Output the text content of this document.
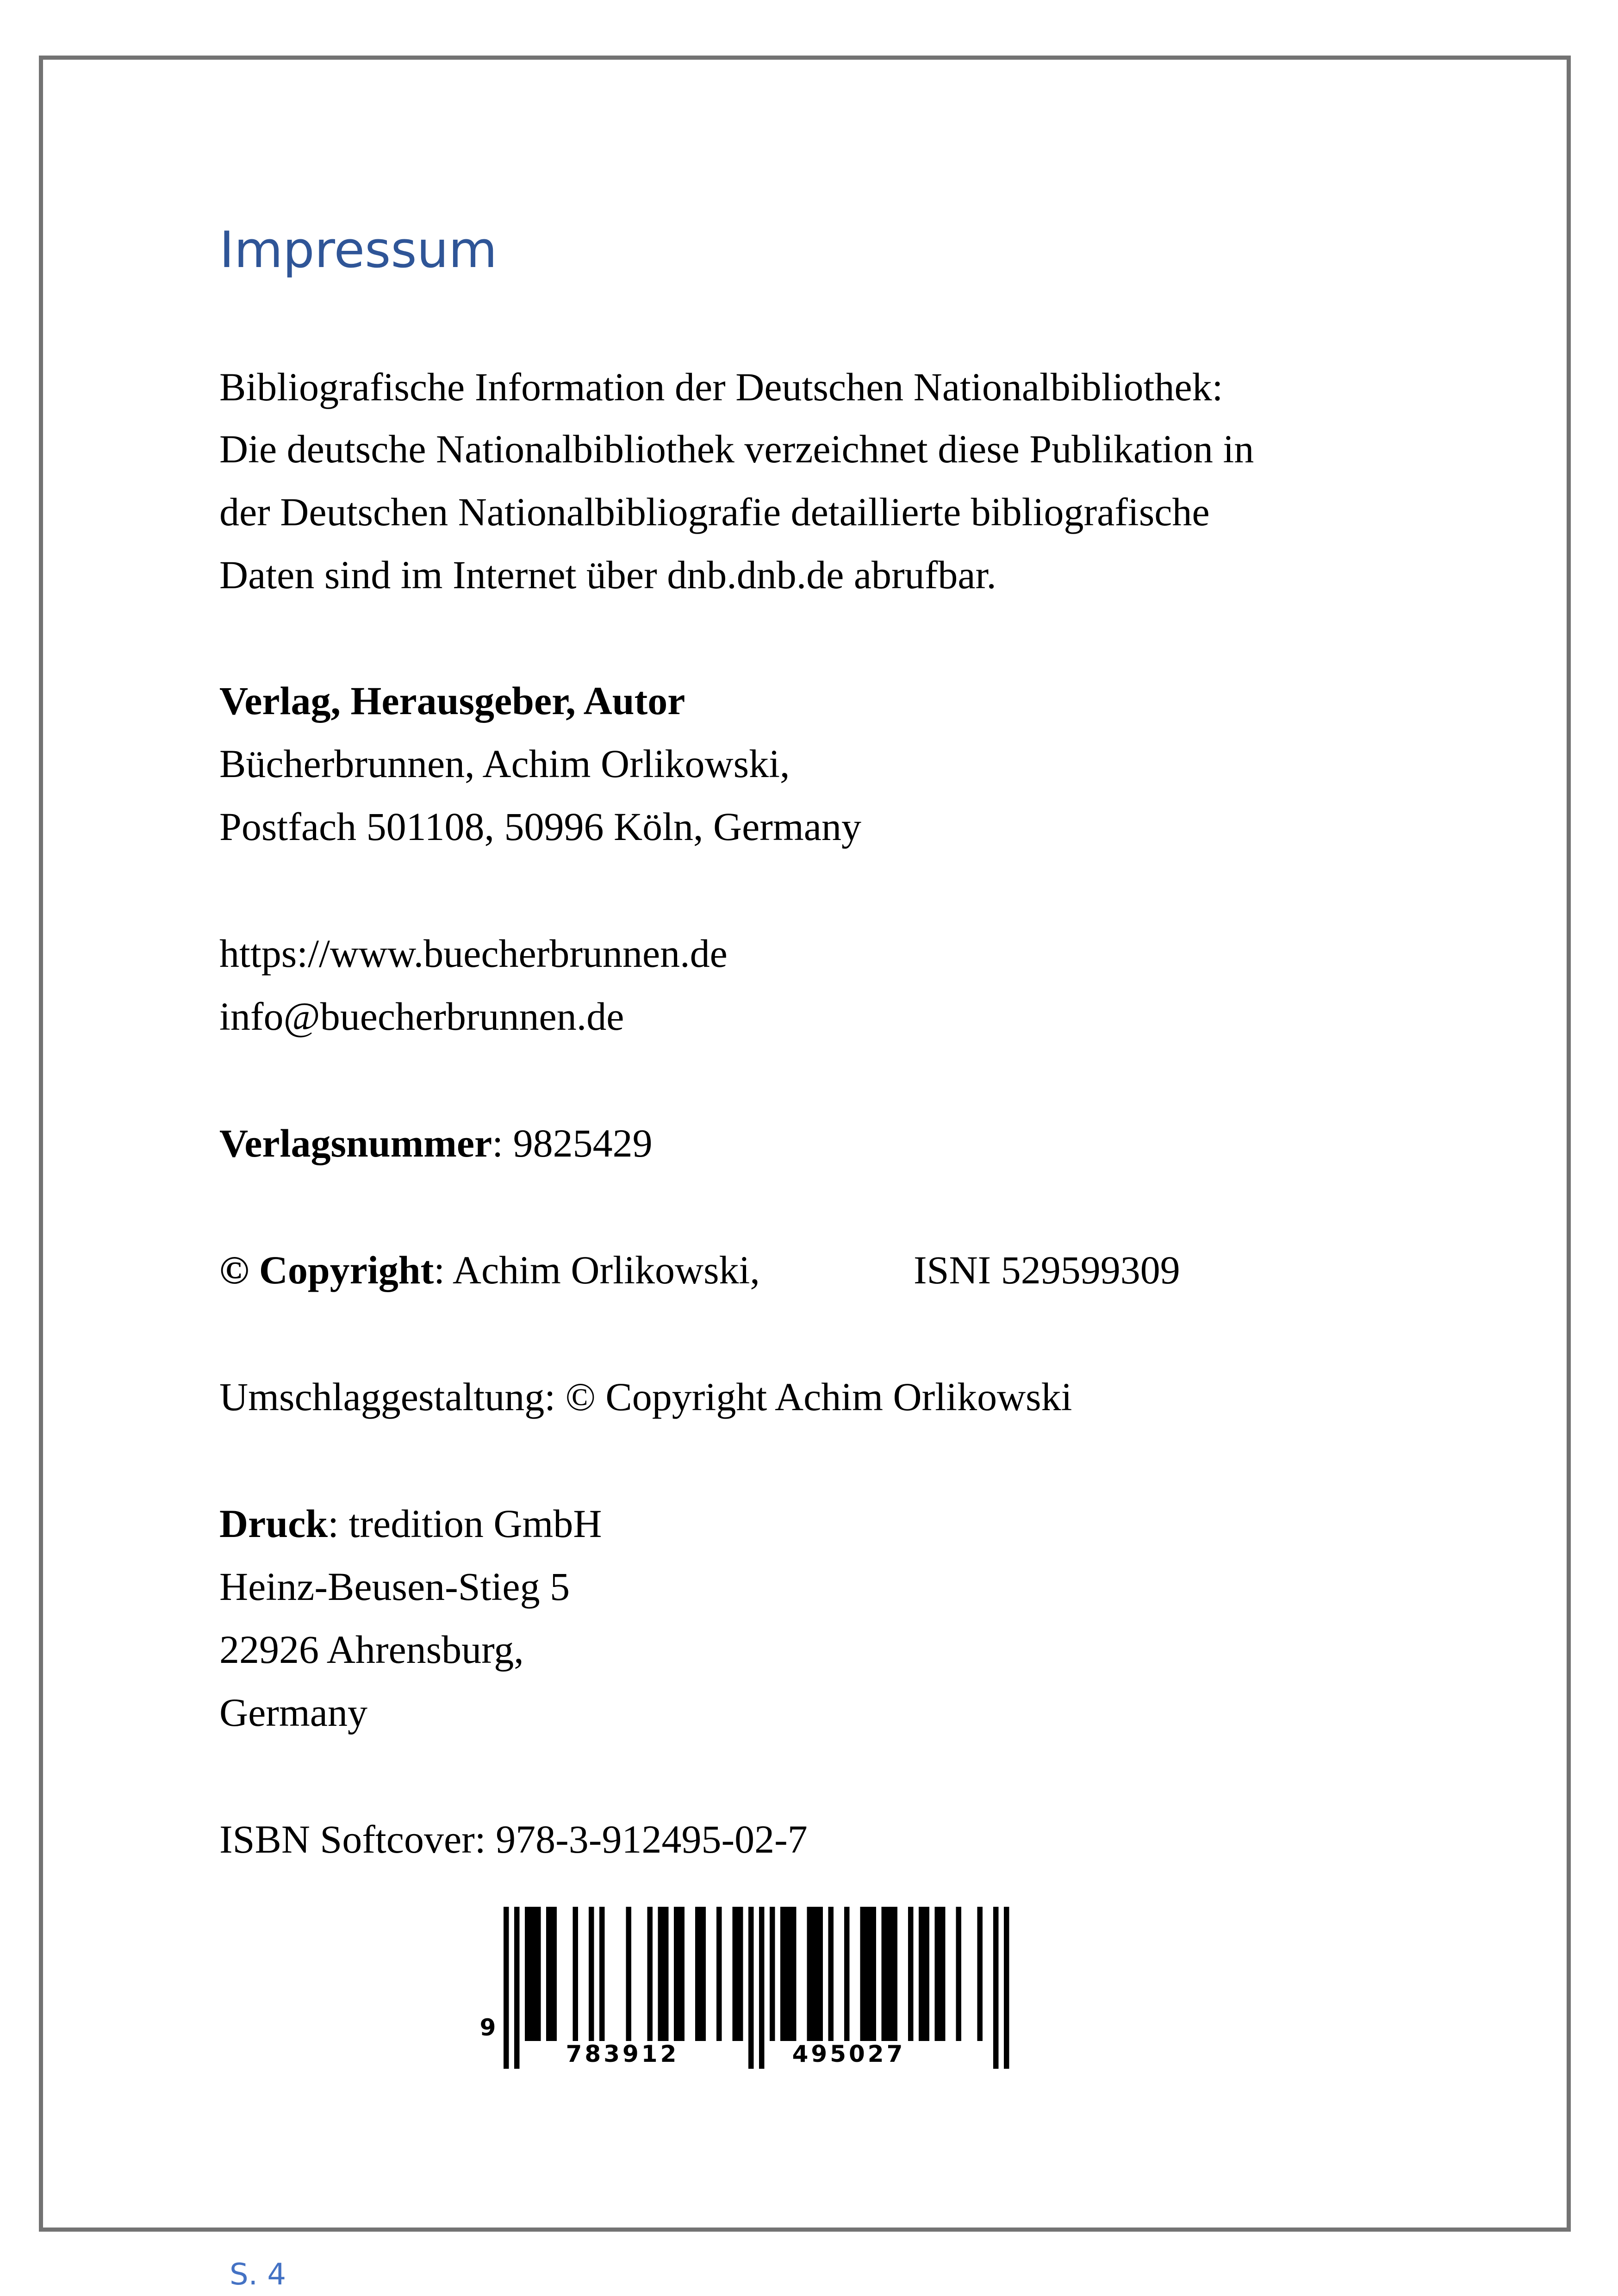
Impressum

Bibliografische Information der Deutschen Nationalbibliothek:

Die deutsche Nationalbibliothek verzeichnet diese Publikation in

der Deutschen Nationalbibliografie detaillierte bibliografische

Daten sind im Internet über dnb.dnb.de abrufbar.

Verlag, Herausgeber, Autor

Bücherbrunnen, Achim Orlikowski,

Postfach 501108, 50996 Köln, Germany

https://www.buecherbrunnen.de

info@buecherbrunnen.de

Verlagsnummer: 9825429

© Copyright: Achim Orlikowski,	ISNI 529599309

Umschlaggestaltung: © Copyright Achim Orlikowski

Druck: tredition GmbH

Heinz-Beusen-Stieg 5

22926 Ahrensburg,

Germany

ISBN Softcover: 978-3-912495-02-7

9
783912	495027
S. 4
